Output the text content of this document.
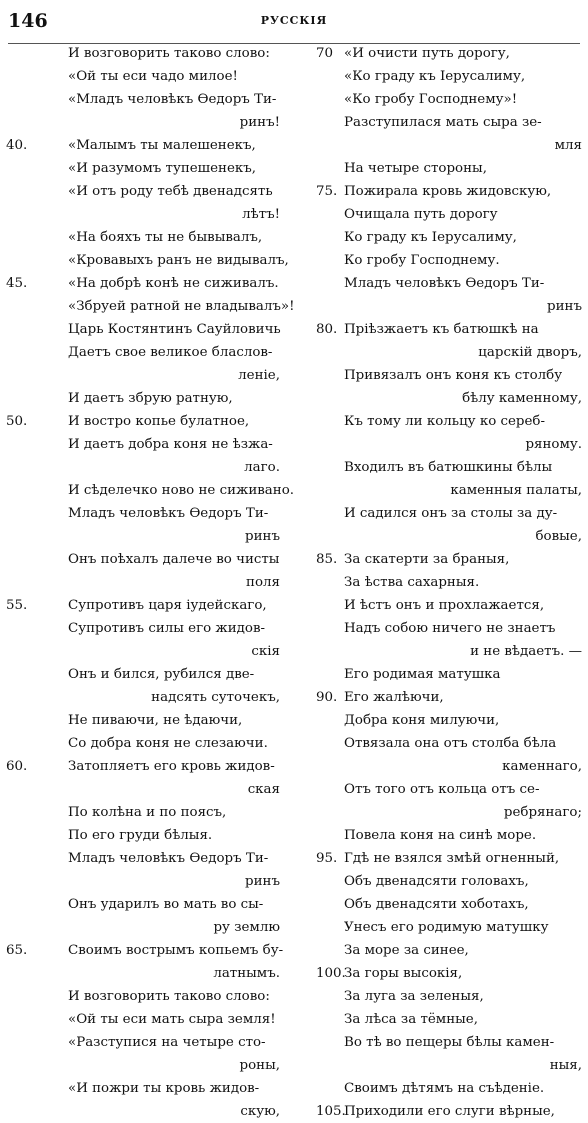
146	РУССКІЯ
И возговорить таково слово:
«Ой ты еси чадо милое!
«Младъ человѣкъ Ѳедоръ Ти-
ринъ!
40.	«Малымъ ты малешенекъ,
«И разумомъ тупешенекъ,
«И отъ роду тебѣ двенадсять
лѣтъ!
«На бояхъ ты не бывывалъ,
«Кровавыхъ ранъ не видывалъ,
45.	«На добрѣ конѣ не сиживалъ.
«Збруей ратной не владывалъ»!
Царь Костянтинъ Сауйловичь
Даетъ свое великое бласлов-
леніе,
И даетъ збрую ратную,
50.	И востро копье булатное,
И даетъ добра коня не ѣзжа-
лаго.
И сѣделечко ново не сиживано.
Младъ человѣкъ Ѳедоръ Ти-
ринъ
Онъ поѣхалъ далече во чисты
поля
55.	Супротивъ царя іудейскаго,
Супротивъ силы его жидов-
скія
Онъ и бился, рубился две-
надсять суточекъ,
Не пиваючи, не ѣдаючи,
Со добра коня не слезаючи.
60.	Затопляетъ его кровь жидов-
ская
По колѣна и по поясъ,
По его груди бѣлыя.
Младъ человѣкъ Ѳедоръ Ти-
ринъ
Онъ ударилъ во мать во сы-
ру землю
65.	Своимъ вострымъ копьемъ бу-
латнымъ.
И возговорить таково слово:
«Ой ты еси мать сыра земля!
«Разступися на четыре сто-
роны,
«И пожри ты кровь жидов-
скую,
70 «И очисти путь дорогу,
«Ко граду къ Іерусалиму,
«Ко гробу Господнему»!
Разступилася мать сыра зе-
мля
На четыре стороны,
75. Пожирала кровь жидовскую,
Очищала путь дорогу
Ко граду къ Іерусалиму,
Ко гробу Господнему.
Младъ человѣкъ Ѳедоръ Ти-
ринъ
80. Пріѣзжаетъ къ батюшкѣ на
царскій дворъ,
Привязалъ онъ коня къ столбу
бѣлу каменному,
Къ тому ли кольцу ко сереб-
ряному.
Входилъ въ батюшкины бѣлы
каменныя палаты,
И садился онъ за столы за ду-
бовые,
85. За скатерти за браныя,
За ѣства сахарныя.
И ѣстъ онъ и прохлажается,
Надъ собою ничего не знаетъ
и не вѣдаетъ. —
Его родимая матушка
90. Его жалѣючи,
Добра коня милуючи,
Отвязала она отъ столба бѣла
каменнаго,
Отъ того отъ кольца отъ се-
ребрянаго;
Повела коня на синѣ море.
95. Гдѣ не взялся змѣй огненный,
Объ двенадсяти головахъ,
Объ двенадсяти хоботахъ,
Унесъ его родимую матушку
За море за синее,
100.
За горы высокія,
За луга за зеленыя,
За лѣса за тёмные,
Во тѣ во пещеры бѣлы камен-
ныя,
Своимъ дѣтямъ на съѣденіе.
105.
Приходили его слуги вѣрные,
